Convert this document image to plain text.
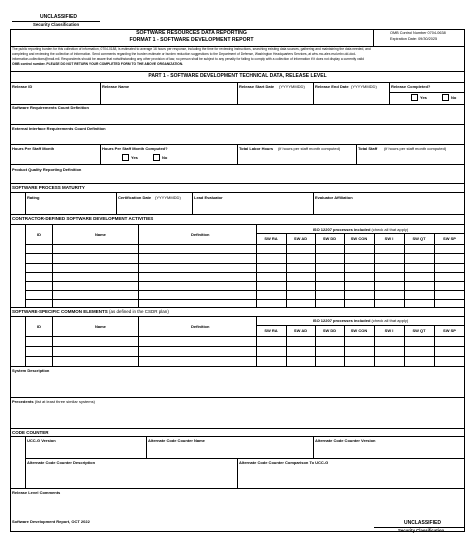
UNCLASSIFIED
Security Classification
SOFTWARE RESOURCES DATA REPORTING
FORMAT 1 - SOFTWARE DEVELOPMENT REPORT
OMB Control Number 0704-0638
Expiration Date: 09/30/2025
The public reporting burden for this collection of information, 0704-0188, is estimated to average 16 hours per response, including the time for reviewing instructions, searching existing data sources, gathering and maintaining the data needed, and
completing and reviewing the collection of information. Send comments regarding the burden estimate or burden reduction suggestions to the Department of Defense, Washington Headquarters Services, at whs.mc-alex.esd.mbx.dd-dod-
information-collections@mail.mil. Respondents should be aware that notwithstanding any other provision of law, no person shall be subject to any penalty for failing to comply with a collection of information if it does not display a currently valid
OMB control number. PLEASE DO NOT RETURN YOUR COMPLETED FORM TO THE ABOVE ORGANIZATION.
PART 1 - SOFTWARE DEVELOPMENT TECHNICAL DATA, RELEASE LEVEL
Release ID	Release Name	Release Start Date (YYYYMMDD)	Release End Date (YYYYMMDD)	Release Completed?
Yes	No
Software Requirements Count Definition
External Interface Requirements Count Definition
Hours Per Staff Month	Hours Per Staff Month Computed?
Yes	No
Total Labor Hours (if hours per staff month computed)	Total Staff (if hours per staff month computed)
Product Quality Reporting Definition
SOFTWARE PROCESS MATURITY
Rating	Certification Date (YYYYMMDD)	Lead Evaluator	Evaluator Affiliation
CONTRACTOR-DEFINED SOFTWARE DEVELOPMENT ACTIVITIES
SW RA	SW AD	SW DD	SW CON	SW I	SW QT	SW SP
ID	Name	Definition
ISO 12207 processes included (check all that apply)
SOFTWARE-SPECIFIC COMMON ELEMENTS (as defined in the CSDR plan)
SW RA	SW AD	SW DD	SW CON	SW I	SW QT	SW SP
ID	Name	Definition
ISO 12207 processes included (check all that apply)
System Description
Precedents (list at least three similar systems)
CODE COUNTER
UCC-G Version	Alternate Code Counter Name	Alternate Code Counter Version
Alternate Code Counter Description	Alternate Code Counter Comparison To UCC-G
Release Level Comments
Software Development Report, OCT 2022	UNCLASSIFIED
Security Classification
